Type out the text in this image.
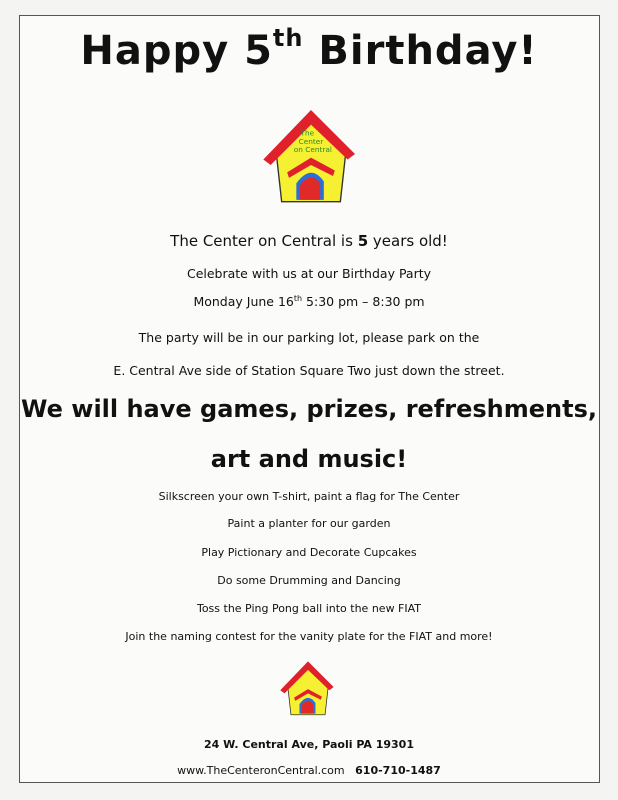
Happy 5th Birthday!
The
Center
on Central
The Center on Central is 5 years old!
Celebrate with us at our Birthday Party
Monday June 16th 5:30 pm – 8:30 pm
The party will be in our parking lot, please park on the
E. Central Ave side of Station Square Two just down the street.
We will have games, prizes, refreshments,
art and music!
Silkscreen your own T-shirt, paint a flag for The Center
Paint a planter for our garden
Play Pictionary and Decorate Cupcakes
Do some Drumming and Dancing
Toss the Ping Pong ball into the new FIAT
Join the naming contest for the vanity plate for the FIAT and more!
24 W. Central Ave, Paoli PA 19301
www.TheCenteronCentral.com 610-710-1487
